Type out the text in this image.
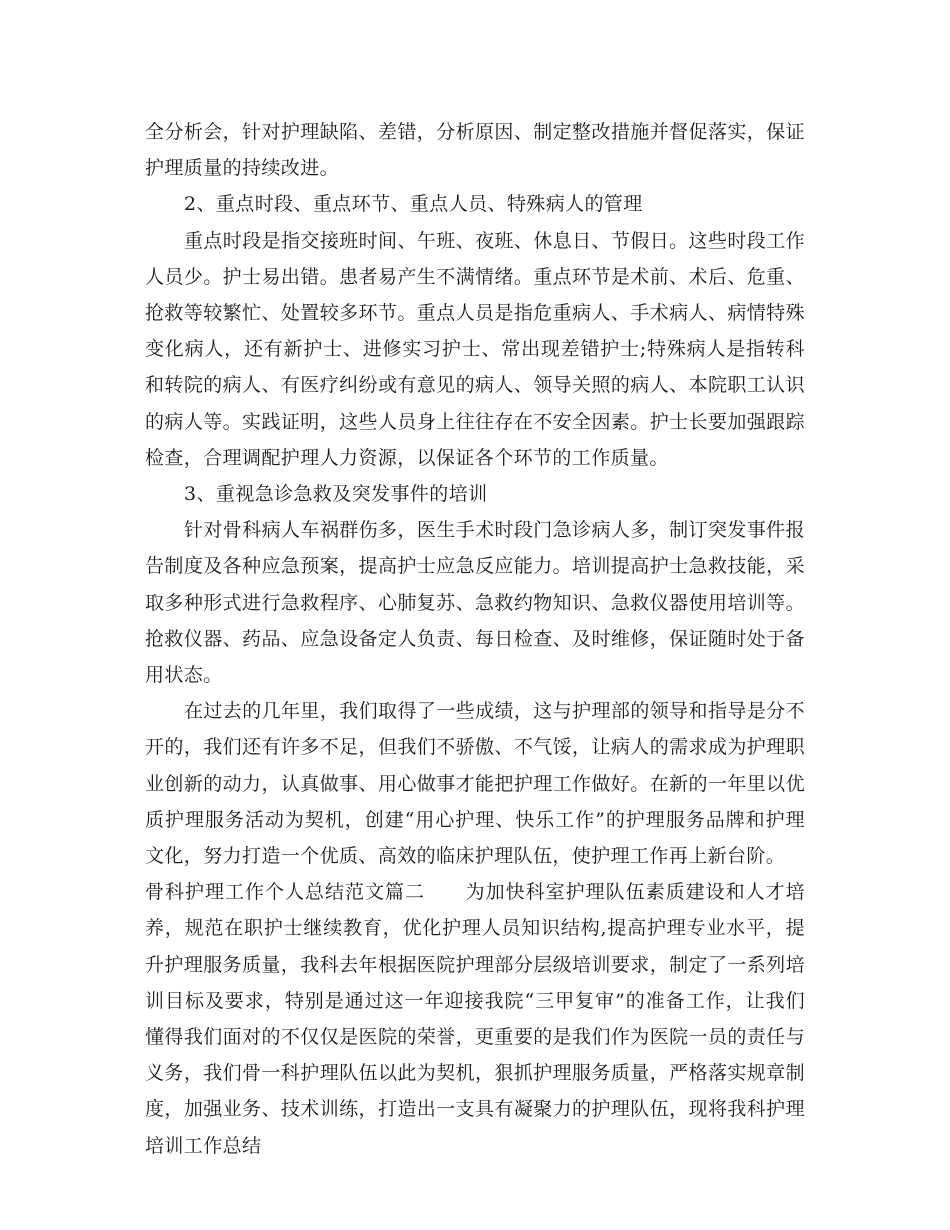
全分析会，针对护理缺陷、差错，分析原因、制定整改措施并督促落实，保证护理质量的持续改进。

2、重点时段、重点环节、重点人员、特殊病人的管理

重点时段是指交接班时间、午班、夜班、休息日、节假日。这些时段工作人员少。护士易出错。患者易产生不满情绪。重点环节是术前、术后、危重、抢救等较繁忙、处置较多环节。重点人员是指危重病人、手术病人、病情特殊变化病人，还有新护士、进修实习护士、常出现差错护士;特殊病人是指转科和转院的病人、有医疗纠纷或有意见的病人、领导关照的病人、本院职工认识的病人等。实践证明，这些人员身上往往存在不安全因素。护士长要加强跟踪检查，合理调配护理人力资源，以保证各个环节的工作质量。

3、重视急诊急救及突发事件的培训

针对骨科病人车祸群伤多，医生手术时段门急诊病人多，制订突发事件报告制度及各种应急预案，提高护士应急反应能力。培训提高护士急救技能，采取多种形式进行急救程序、心肺复苏、急救约物知识、急救仪器使用培训等。抢救仪器、药品、应急设备定人负责、每日检查、及时维修，保证随时处于备用状态。

在过去的几年里，我们取得了一些成绩，这与护理部的领导和指导是分不开的，我们还有许多不足，但我们不骄傲、不气馁，让病人的需求成为护理职业创新的动力，认真做事、用心做事才能把护理工作做好。在新的一年里以优质护理服务活动为契机，创建“用心护理、快乐工作”的护理服务品牌和护理文化，努力打造一个优质、高效的临床护理队伍，使护理工作再上新台阶。

骨科护理工作个人总结范文篇二 为加快科室护理队伍素质建设和人才培养，规范在职护士继续教育，优化护理人员知识结构,提高护理专业水平，提升护理服务质量，我科去年根据医院护理部分层级培训要求，制定了一系列培训目标及要求，特别是通过这一年迎接我院“三甲复审”的准备工作，让我们懂得我们面对的不仅仅是医院的荣誉，更重要的是我们作为医院一员的责任与义务，我们骨一科护理队伍以此为契机，狠抓护理服务质量，严格落实规章制度，加强业务、技术训练，打造出一支具有凝聚力的护理队伍，现将我科护理培训工作总结
